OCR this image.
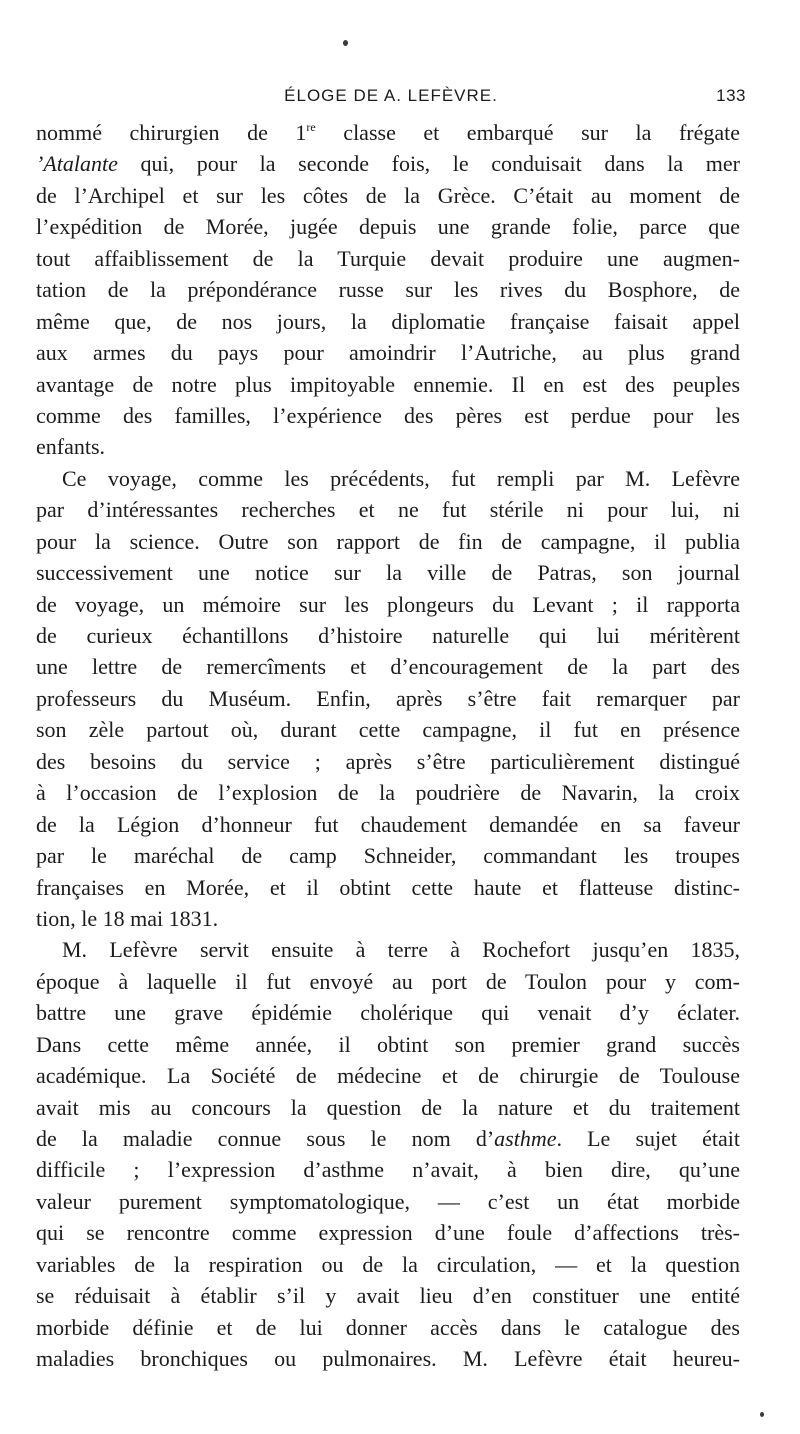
ÉLOGE DE A. LEFÈVRE.	133
nommé chirurgien de 1re classe et embarqué sur la frégate
’Atalante qui, pour la seconde fois, le conduisait dans la mer
de l’Archipel et sur les côtes de la Grèce. C’était au moment de
l’expédition de Morée, jugée depuis une grande folie, parce que
tout affaiblissement de la Turquie devait produire une augmen-
tation de la prépondérance russe sur les rives du Bosphore, de
même que, de nos jours, la diplomatie française faisait appel
aux armes du pays pour amoindrir l’Autriche, au plus grand
avantage de notre plus impitoyable ennemie. Il en est des peuples
comme des familles, l’expérience des pères est perdue pour les
enfants.
Ce voyage, comme les précédents, fut rempli par M. Lefèvre
par d’intéressantes recherches et ne fut stérile ni pour lui, ni
pour la science. Outre son rapport de fin de campagne, il publia
successivement une notice sur la ville de Patras, son journal
de voyage, un mémoire sur les plongeurs du Levant ; il rapporta
de curieux échantillons d’histoire naturelle qui lui méritèrent
une lettre de remercîments et d’encouragement de la part des
professeurs du Muséum. Enfin, après s’être fait remarquer par
son zèle partout où, durant cette campagne, il fut en présence
des besoins du service ; après s’être particulièrement distingué
à l’occasion de l’explosion de la poudrière de Navarin, la croix
de la Légion d’honneur fut chaudement demandée en sa faveur
par le maréchal de camp Schneider, commandant les troupes
françaises en Morée, et il obtint cette haute et flatteuse distinc-
tion, le 18 mai 1831.
M. Lefèvre servit ensuite à terre à Rochefort jusqu’en 1835,
époque à laquelle il fut envoyé au port de Toulon pour y com-
battre une grave épidémie cholérique qui venait d’y éclater.
Dans cette même année, il obtint son premier grand succès
académique. La Société de médecine et de chirurgie de Toulouse
avait mis au concours la question de la nature et du traitement
de la maladie connue sous le nom d’asthme. Le sujet était
difficile ; l’expression d’asthme n’avait, à bien dire, qu’une
valeur purement symptomatologique, — c’est un état morbide
qui se rencontre comme expression d’une foule d’affections très-
variables de la respiration ou de la circulation, — et la question
se réduisait à établir s’il y avait lieu d’en constituer une entité
morbide définie et de lui donner accès dans le catalogue des
maladies bronchiques ou pulmonaires. M. Lefèvre était heureu-
